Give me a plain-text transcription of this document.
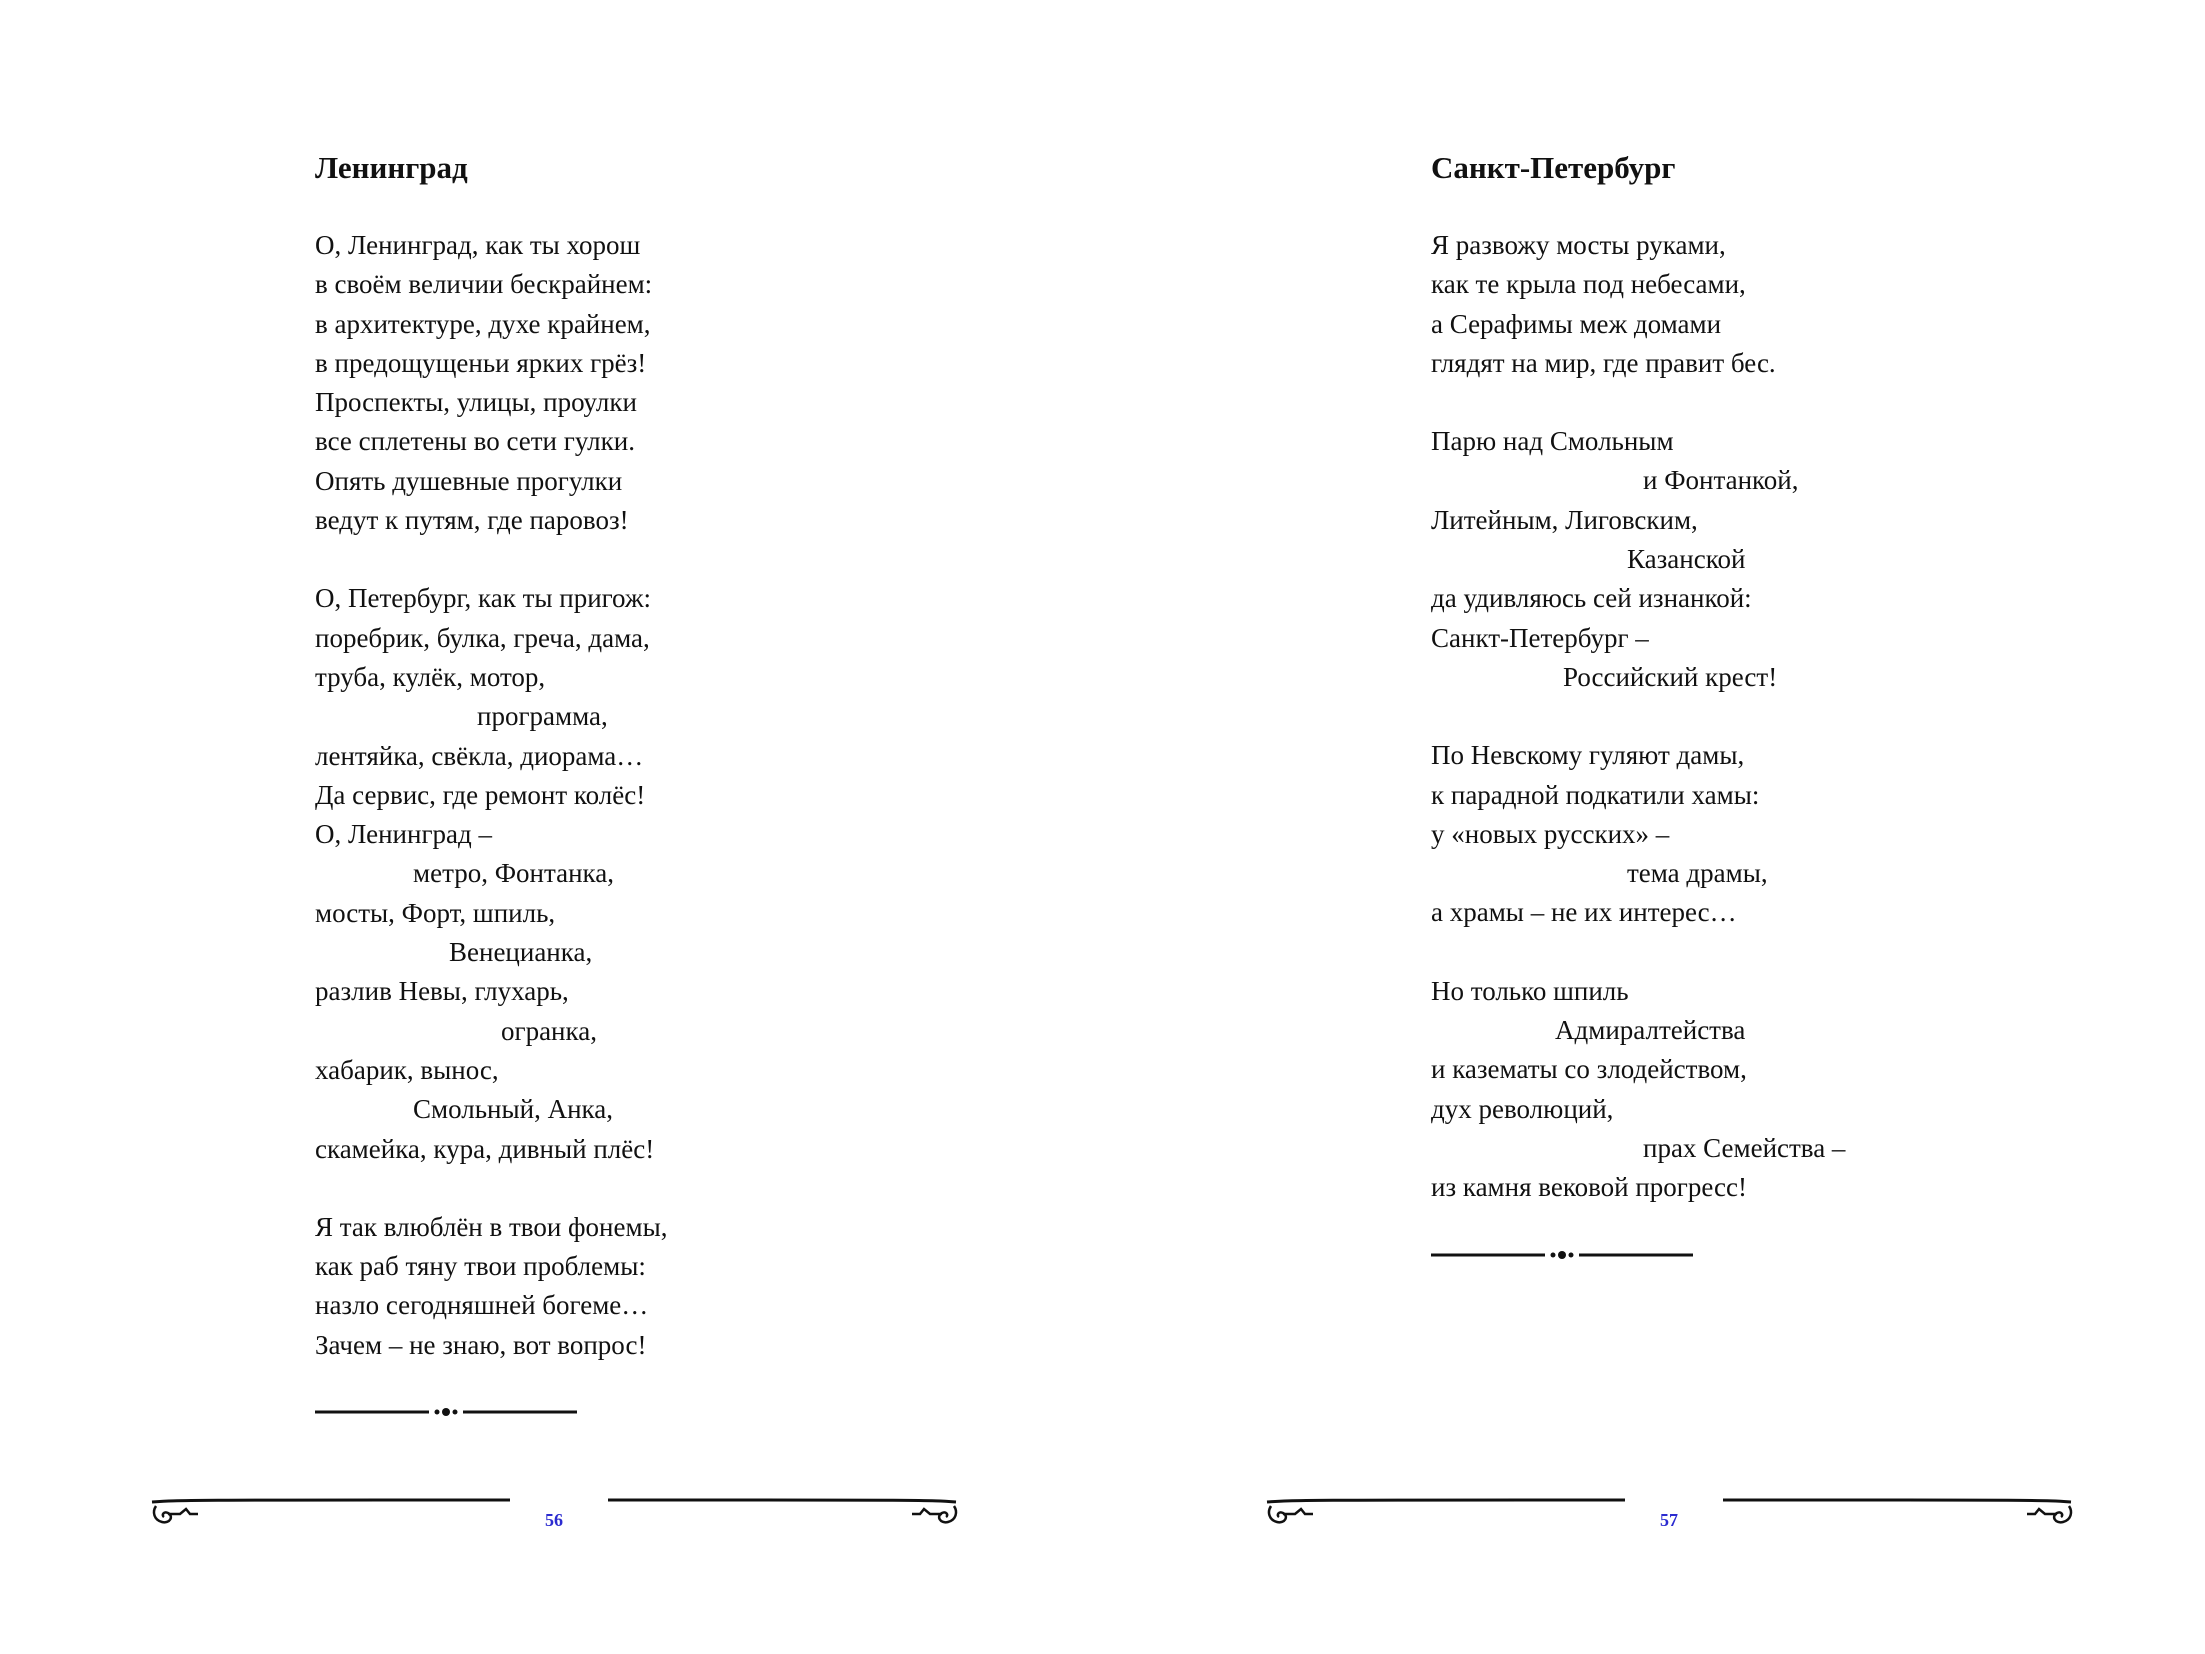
Ленинград
О, Ленинград, как ты хорош
в своём величии бескрайнем:
в архитектуре, духе крайнем,
в предощущеньи ярких грёз!
Проспекты, улицы, проулки
все сплетены во сети гулки.
Опять душевные прогулки
ведут к путям, где паровоз!
О, Петербург, как ты пригож:
поребрик, булка, греча, дама,
труба, кулёк, мотор,
программа,
лентяйка, свёкла, диорама…
Да сервис, где ремонт колёс!
О, Ленинград –
метро, Фонтанка,
мосты, Форт, шпиль,
Венецианка,
разлив Невы, глухарь,
огранка,
хабарик, вынос,
Смольный, Анка,
скамейка, кура, дивный плёс!
Я так влюблён в твои фонемы,
как раб тяну твои проблемы:
назло сегодняшней богеме…
Зачем – не знаю, вот вопрос!
56
Санкт-Петербург
Я развожу мосты руками,
как те крыла под небесами,
а Серафимы меж домами
глядят на мир, где правит бес.
Парю над Смольным
и Фонтанкой,
Литейным, Лиговским,
Казанской
да удивляюсь сей изнанкой:
Санкт-Петербург –
Российский крест!
По Невскому гуляют дамы,
к парадной подкатили хамы:
у «новых русских» –
тема драмы,
а храмы – не их интерес…
Но только шпиль
Адмиралтейства
и казематы со злодейством,
дух революций,
прах Семейства –
из камня вековой прогресс!
57
